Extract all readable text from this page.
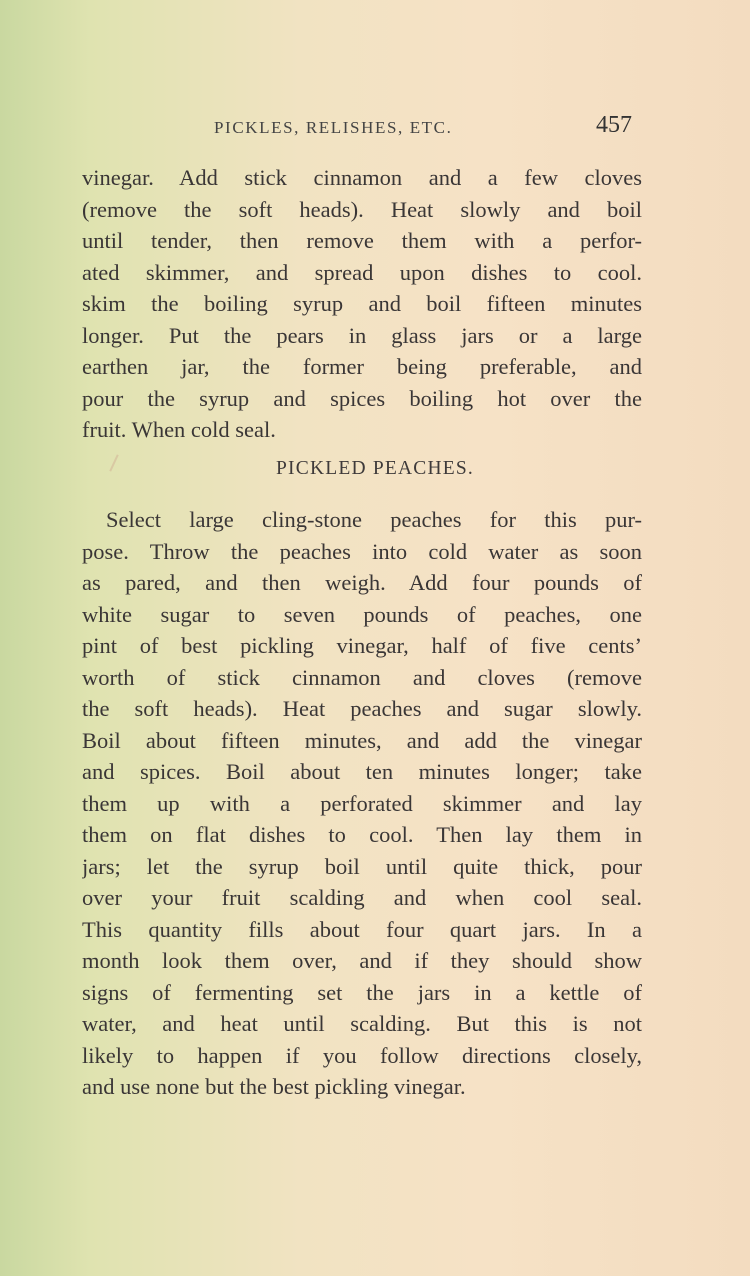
PICKLES, RELISHES, ETC.	457
vinegar. Add stick cinnamon and a few cloves
(remove the soft heads). Heat slowly and boil
until tender, then remove them with a perfor-
ated skimmer, and spread upon dishes to cool.
skim the boiling syrup and boil fifteen minutes
longer. Put the pears in glass jars or a large
earthen jar, the former being preferable, and
pour the syrup and spices boiling hot over the
fruit. When cold seal.
PICKLED PEACHES.
Select large cling-stone peaches for this pur-
pose. Throw the peaches into cold water as soon
as pared, and then weigh. Add four pounds of
white sugar to seven pounds of peaches, one
pint of best pickling vinegar, half of five cents’
worth of stick cinnamon and cloves (remove
the soft heads). Heat peaches and sugar slowly.
Boil about fifteen minutes, and add the vinegar
and spices. Boil about ten minutes longer; take
them up with a perforated skimmer and lay
them on flat dishes to cool. Then lay them in
jars; let the syrup boil until quite thick, pour
over your fruit scalding and when cool seal.
This quantity fills about four quart jars. In a
month look them over, and if they should show
signs of fermenting set the jars in a kettle of
water, and heat until scalding. But this is not
likely to happen if you follow directions closely,
and use none but the best pickling vinegar.
